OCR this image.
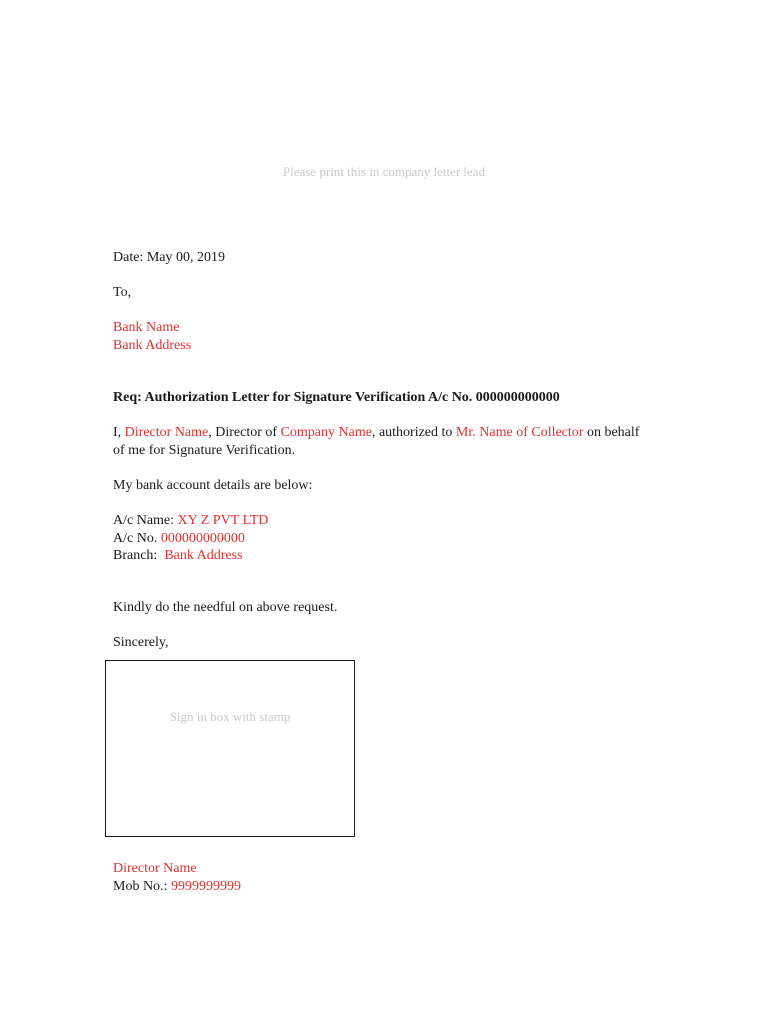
Please print this in company letter lead
Date: May 00, 2019
To,
Bank Name
Bank Address
Req: Authorization Letter for Signature Verification A/c No. 000000000000
I, Director Name, Director of Company Name, authorized to Mr. Name of Collector on behalf of me for Signature Verification.
My bank account details are below:
A/c Name: XY Z PVT LTD
A/c No. 000000000000
Branch:  Bank Address
Kindly do the needful on above request.
Sincerely,
Sign in box with stamp
Director Name
Mob No.: 9999999999
